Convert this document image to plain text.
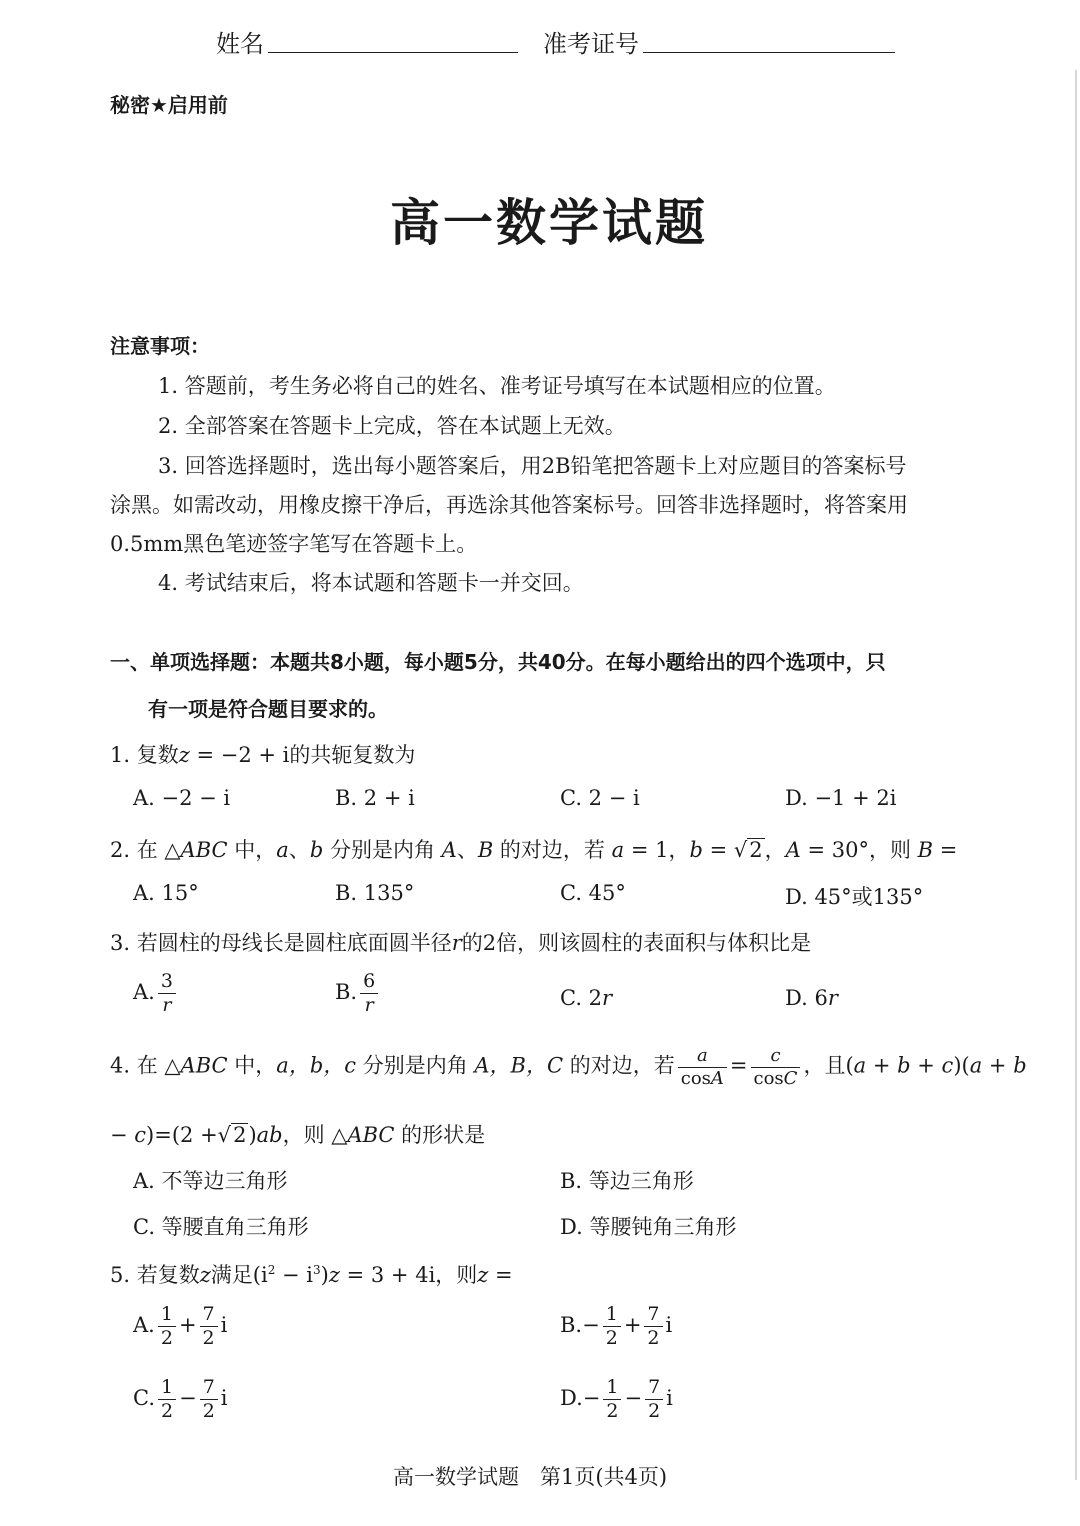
姓名	准考证号
秘密★启用前
高一数学试题
注意事项：
1. 答题前，考生务必将自己的姓名、准考证号填写在本试题相应的位置。
2. 全部答案在答题卡上完成，答在本试题上无效。
3. 回答选择题时，选出每小题答案后，用2B铅笔把答题卡上对应题目的答案标号
涂黑。如需改动，用橡皮擦干净后，再选涂其他答案标号。回答非选择题时，将答案用
0.5mm黑色笔迹签字笔写在答题卡上。
4. 考试结束后，将本试题和答题卡一并交回。
一、单项选择题：本题共8小题，每小题5分，共40分。在每小题给出的四个选项中，只
有一项是符合题目要求的。
1. 复数z = −2 + i的共轭复数为
A. −2 − i	B. 2 + i	C. 2 − i	D. −1 + 2i
2. 在 △ABC 中，a、b 分别是内角 A、B 的对边，若 a = 1，b = √2，A = 30°，则 B =
A. 15°	B. 135°	C. 45°	D. 45°或135°
3. 若圆柱的母线长是圆柱底面圆半径r的2倍，则该圆柱的表面积与体积比是
A. $\frac{3}{r}$	B. $\frac{6}{r}$	C. 2r	D. 6r
4. 在 △ABC 中，a，b，c 分别是内角 A，B，C 的对边，若 $\frac{a}{\cos A} = \frac{c}{\cos C}$ ，且(a + b + c)(a + b
− c)=(2 +√2)ab，则 △ABC 的形状是
A. 不等边三角形	B. 等边三角形
C. 等腰直角三角形	D. 等腰钝角三角形
5. 若复数z满足$(i^2 - i^3)z = 3 + 4i$，则z =
A. $\frac{1}{2} + \frac{7}{2}$ i	$B.- \frac{1}{2} + \frac{7}{2}$ i
C. $\frac{1}{2} - \frac{7}{2}$ i	$D.- \frac{1}{2} - \frac{7}{2}$ i
高一数学试题　第1页(共4页)
